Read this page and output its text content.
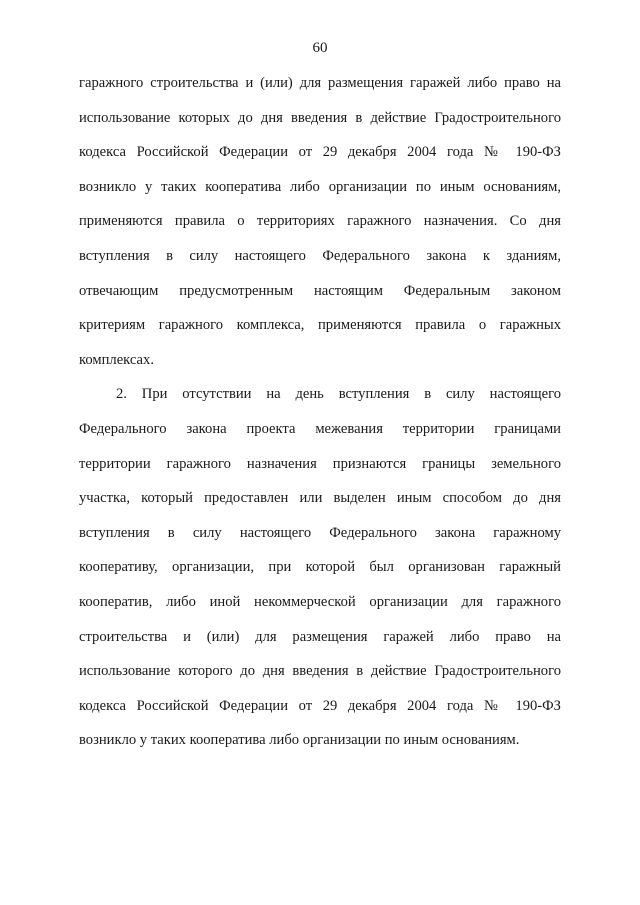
60
гаражного строительства и (или) для размещения гаражей либо право на
использование которых до дня введения в действие Градостроительного
кодекса Российской Федерации от 29 декабря 2004 года № 190-ФЗ
возникло у таких кооператива либо организации по иным основаниям,
применяются правила о территориях гаражного назначения. Со дня
вступления в силу настоящего Федерального закона к зданиям,
отвечающим предусмотренным настоящим Федеральным законом
критериям гаражного комплекса, применяются правила о гаражных
комплексах.
2. При отсутствии на день вступления в силу настоящего
Федерального закона проекта межевания территории границами
территории гаражного назначения признаются границы земельного
участка, который предоставлен или выделен иным способом до дня
вступления в силу настоящего Федерального закона гаражному
кооперативу, организации, при которой был организован гаражный
кооператив, либо иной некоммерческой организации для гаражного
строительства и (или) для размещения гаражей либо право на
использование которого до дня введения в действие Градостроительного
кодекса Российской Федерации от 29 декабря 2004 года № 190-ФЗ
возникло у таких кооператива либо организации по иным основаниям.
